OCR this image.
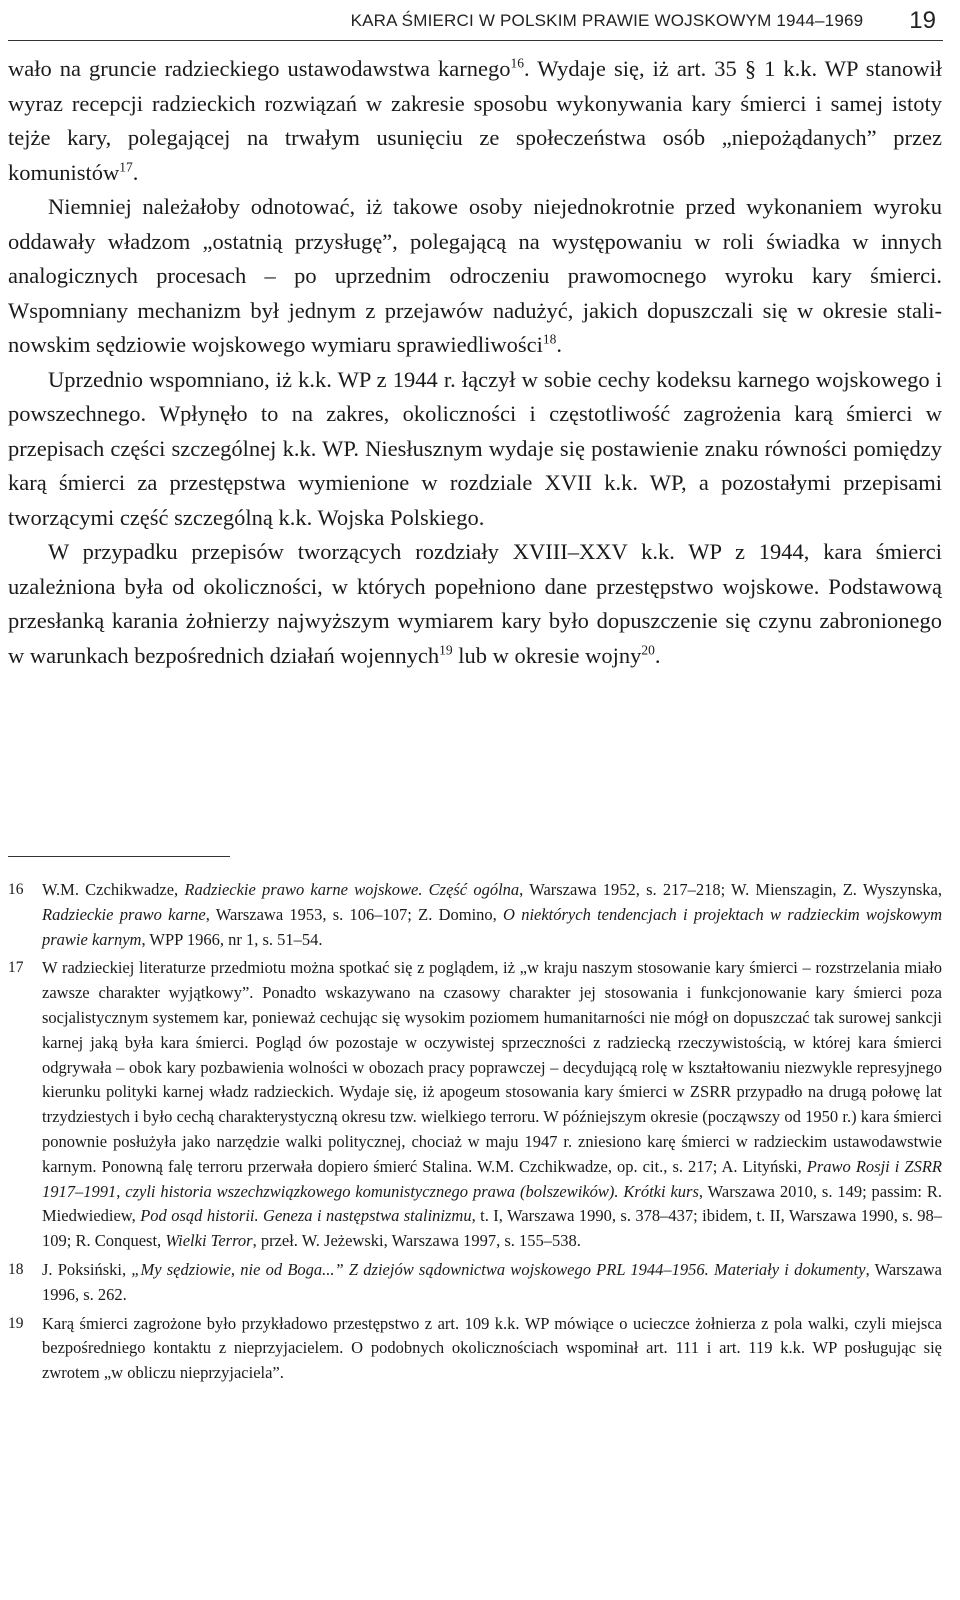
KARA ŚMIERCI W POLSKIM PRAWIE WOJSKOWYM 1944–1969 19

wało na gruncie radzieckiego ustawodawstwa karnego$^{16}$. Wydaje się, iż art. 35 § 1 k.k. WP stanowił wyraz recepcji radzieckich rozwiązań w zakresie sposobu wykonywania kary śmierci i samej istoty tejże kary, polegającej na trwałym usunięciu ze społeczeństwa osób „niepożądanych” przez komunistów$^{17}$.

Niemniej należałoby odnotować, iż takowe osoby niejednokrotnie przed wykonaniem wyroku oddawały władzom „ostatnią przysługę”, polegającą na występowaniu w roli świadka w innych analogicznych procesach – po uprzednim odroczeniu prawomocnego wyroku kary śmierci. Wspomniany mechanizm był jednym z przejawów nadużyć, jakich dopuszczali się w okresie stalinowskim sędziowie wojskowego wymiaru sprawiedliwości$^{18}$.

Uprzednio wspomniano, iż k.k. WP z 1944 r. łączył w sobie cechy kodeksu karnego wojskowego i powszechnego. Wpłynęło to na zakres, okoliczności i częstotliwość zagrożenia karą śmierci w przepisach części szczególnej k.k. WP. Niesłusznym wydaje się postawienie znaku równości pomiędzy karą śmierci za przestępstwa wymienione w rozdziale XVII k.k. WP, a pozostałymi przepisami tworzącymi część szczególną k.k. Wojska Polskiego.

W przypadku przepisów tworzących rozdziały XVIII–XXV k.k. WP z 1944, kara śmierci uzależniona była od okoliczności, w których popełniono dane przestępstwo wojskowe. Podstawową przesłanką karania żołnierzy najwyższym wymiarem kary było dopuszczenie się czynu zabronionego w warunkach bezpośrednich działań wojennych$^{19}$ lub w okresie wojny$^{20}$.

16	W.M. Czchikwadze, Radzieckie prawo karne wojskowe. Część ogólna, Warszawa 1952, s. 217–218; W. Mienszagin, Z. Wyszynska, Radzieckie prawo karne, Warszawa 1953, s. 106–107; Z. Domino, O niektórych tendencjach i projektach w radzieckim wojskowym prawie karnym, WPP 1966, nr 1, s. 51–54.
17	W radzieckiej literaturze przedmiotu można spotkać się z poglądem, iż „w kraju naszym stosowanie kary śmierci – rozstrzelania miało zawsze charakter wyjątkowy”. Ponadto wskazywano na czasowy charakter jej stosowania i funkcjonowanie kary śmierci poza socjalistycznym systemem kar, ponieważ cechując się wysokim poziomem humanitarności nie mógł on dopuszczać tak surowej sankcji karnej jaką była kara śmierci. Pogląd ów pozostaje w oczywistej sprzeczności z radziecką rzeczywistością, w której kara śmierci odgrywała – obok kary pozbawienia wolności w obozach pracy poprawczej – decydującą rolę w kształtowaniu niezwykle represyjnego kierunku polityki karnej władz radzieckich. Wydaje się, iż apogeum stosowania kary śmierci w ZSRR przypadło na drugą połowę lat trzydziestych i było cechą charakterystyczną okresu tzw. wielkiego terroru. W późniejszym okresie (począwszy od 1950 r.) kara śmierci ponownie posłużyła jako narzędzie walki politycznej, chociaż w maju 1947 r. zniesiono karę śmierci w radzieckim ustawodawstwie karnym. Ponowną falę terroru przerwała dopiero śmierć Stalina. W.M. Czchikwadze, op. cit., s. 217; A. Lityński, Prawo Rosji i ZSRR 1917–1991, czyli historia wszechzwiązkowego komunistycznego prawa (bolszewików). Krótki kurs, Warszawa 2010, s. 149; passim: R. Miedwiediew, Pod osąd historii. Geneza i następstwa stalinizmu, t. I, Warszawa 1990, s. 378–437; ibidem, t. II, Warszawa 1990, s. 98–109; R. Conquest, Wielki Terror, przeł. W. Jeżewski, Warszawa 1997, s. 155–538.
18	J. Poksiński, „My sędziowie, nie od Boga...” Z dziejów sądownictwa wojskowego PRL 1944–1956. Materiały i dokumenty, Warszawa 1996, s. 262.
19	Karą śmierci zagrożone było przykładowo przestępstwo z art. 109 k.k. WP mówiące o ucieczce żołnierza z pola walki, czyli miejsca bezpośredniego kontaktu z nieprzyjacielem. O podobnych okolicznościach wspominał art. 111 i art. 119 k.k. WP posługując się zwrotem „w obliczu nieprzyjaciela”.
